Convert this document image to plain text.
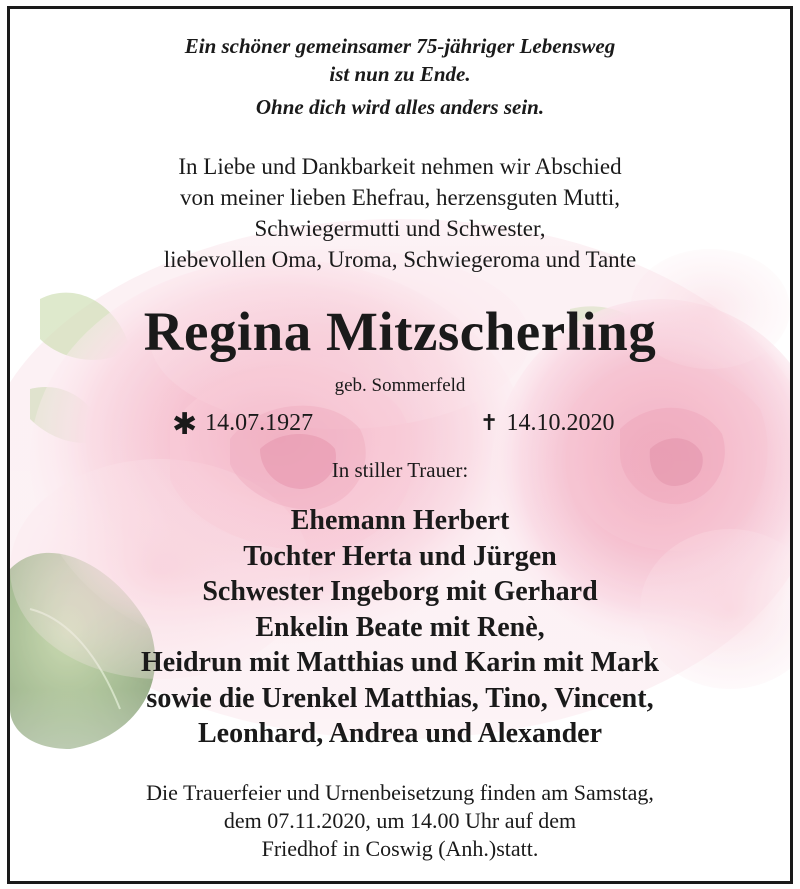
Ein schöner gemeinsamer 75-jähriger Lebensweg
ist nun zu Ende.
Ohne dich wird alles anders sein.
In Liebe und Dankbarkeit nehmen wir Abschied
von meiner lieben Ehefrau, herzensguten Mutti,
Schwiegermutti und Schwester,
liebevollen Oma, Uroma, Schwiegeroma und Tante
Regina Mitzscherling
geb. Sommerfeld
✱ 14.07.1927	✝ 14.10.2020
In stiller Trauer:
Ehemann Herbert
Tochter Herta und Jürgen
Schwester Ingeborg mit Gerhard
Enkelin Beate mit Renè,
Heidrun mit Matthias und Karin mit Mark
sowie die Urenkel Matthias, Tino, Vincent,
Leonhard, Andrea und Alexander
Die Trauerfeier und Urnenbeisetzung finden am Samstag,
dem 07.11.2020, um 14.00 Uhr auf dem
Friedhof in Coswig (Anh.)statt.
